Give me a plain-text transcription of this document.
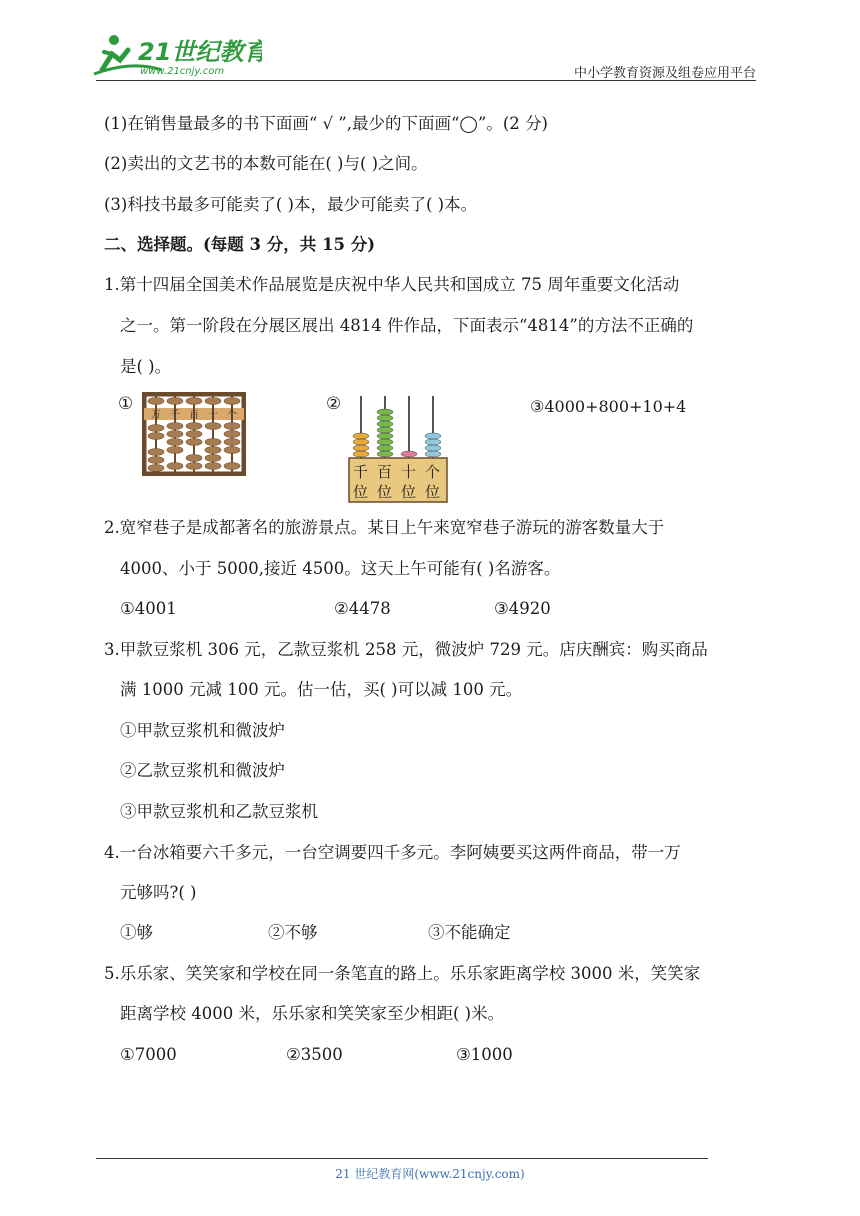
21世纪教育
www.21cnjy.com	中小学教育资源及组卷应用平台
(1)在销售量最多的书下面画“ √ ”,最少的下面画“◯”。(2 分)
(2)卖出的文艺书的本数可能在( )与( )之间。
(3)科技书最多可能卖了( )本，最少可能卖了( )本。
二、选择题。(每题 3 分，共 15 分)
1.第十四届全国美术作品展览是庆祝中华人民共和国成立 75 周年重要文化活动
之一。第一阶段在分展区展出 4814 件作品，下面表示“4814”的方法不正确的
是( )。
①
万 千 百 十 个
②
千 百 十 个
位 位 位 位
③4000+800+10+4
2.宽窄巷子是成都著名的旅游景点。某日上午来宽窄巷子游玩的游客数量大于
4000、小于 5000,接近 4500。这天上午可能有( )名游客。
①4001	②4478	③4920
3.甲款豆浆机 306 元，乙款豆浆机 258 元，微波炉 729 元。店庆酬宾：购买商品
满 1000 元减 100 元。估一估，买( )可以减 100 元。
①甲款豆浆机和微波炉
②乙款豆浆机和微波炉
③甲款豆浆机和乙款豆浆机
4.一台冰箱要六千多元，一台空调要四千多元。李阿姨要买这两件商品，带一万
元够吗?( )
①够	②不够	③不能确定
5.乐乐家、笑笑家和学校在同一条笔直的路上。乐乐家距离学校 3000 米，笑笑家
距离学校 4000 米，乐乐家和笑笑家至少相距( )米。
①7000	②3500	③1000
21 世纪教育网(www.21cnjy.com)
